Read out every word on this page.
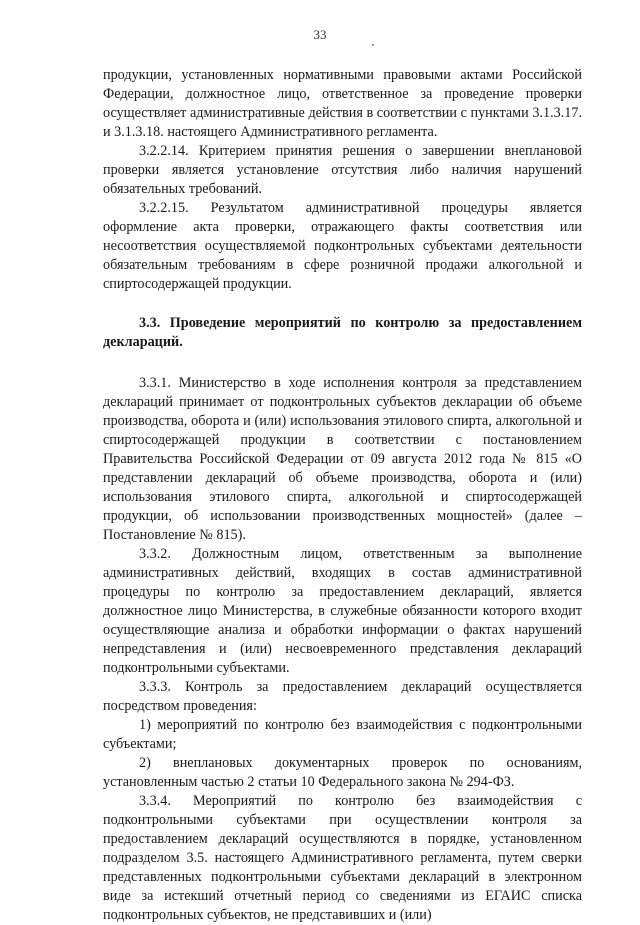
33

продукции, установленных нормативными правовыми актами Российской Федерации, должностное лицо, ответственное за проведение проверки осуществляет административные действия в соответствии с пунктами 3.1.3.17. и 3.1.3.18. настоящего Административного регламента.

3.2.2.14. Критерием принятия решения о завершении внеплановой проверки является установление отсутствия либо наличия нарушений обязательных требований.

3.2.2.15. Результатом административной процедуры является оформление акта проверки, отражающего факты соответствия или несоответствия осуществляемой подконтрольных субъектами деятельности обязательным требованиям в сфере розничной продажи алкогольной и спиртосодержащей продукции.

3.3. Проведение мероприятий по контролю за предоставлением деклараций.

3.3.1. Министерство в ходе исполнения контроля за представлением деклараций принимает от подконтрольных субъектов декларации об объеме производства, оборота и (или) использования этилового спирта, алкогольной и спиртосодержащей продукции в соответствии с постановлением Правительства Российской Федерации от 09 августа 2012 года № 815 «О представлении деклараций об объеме производства, оборота и (или) использования этилового спирта, алкогольной и спиртосодержащей продукции, об использовании производственных мощностей» (далее – Постановление № 815).

3.3.2. Должностным лицом, ответственным за выполнение административных действий, входящих в состав административной процедуры по контролю за предоставлением деклараций, является должностное лицо Министерства, в служебные обязанности которого входит осуществляющие анализа и обработки информации о фактах нарушений непредставления и (или) несвоевременного представления деклараций подконтрольными субъектами.

3.3.3. Контроль за предоставлением деклараций осуществляется посредством проведения:

1) мероприятий по контролю без взаимодействия с подконтрольными субъектами;

2) внеплановых документарных проверок по основаниям, установленным частью 2 статьи 10 Федерального закона № 294-ФЗ.

3.3.4. Мероприятий по контролю без взаимодействия с подконтрольными субъектами при осуществлении контроля за предоставлением деклараций осуществляются в порядке, установленном подразделом 3.5. настоящего Административного регламента, путем сверки представленных подконтрольными субъектами деклараций в электронном виде за истекший отчетный период со сведениями из ЕГАИС списка подконтрольных субъектов, не представивших и (или)
